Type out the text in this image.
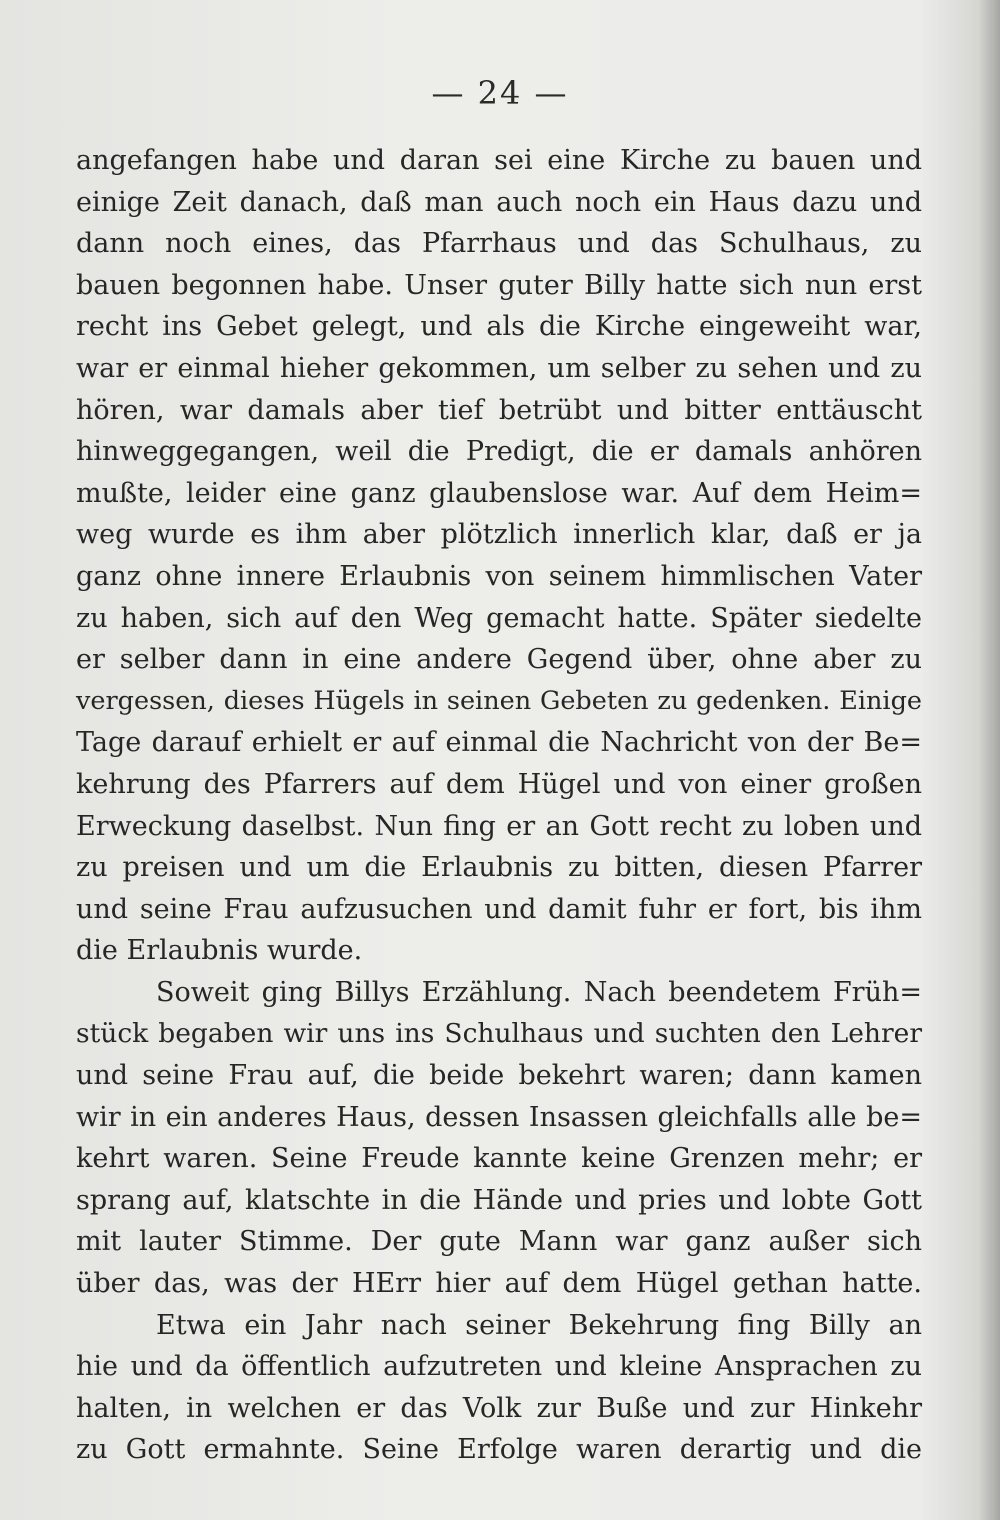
— 24 —
angefangen habe und daran sei eine Kirche zu bauen und
einige Zeit danach, daß man auch noch ein Haus dazu und
dann noch eines, das Pfarrhaus und das Schulhaus, zu
bauen begonnen habe. Unser guter Billy hatte sich nun erst
recht ins Gebet gelegt, und als die Kirche eingeweiht war,
war er einmal hieher gekommen, um selber zu sehen und zu
hören, war damals aber tief betrübt und bitter enttäuscht
hinweggegangen, weil die Predigt, die er damals anhören
mußte, leider eine ganz glaubenslose war. Auf dem Heim=
weg wurde es ihm aber plötzlich innerlich klar, daß er ja
ganz ohne innere Erlaubnis von seinem himmlischen Vater
zu haben, sich auf den Weg gemacht hatte. Später siedelte
er selber dann in eine andere Gegend über, ohne aber zu
vergessen, dieses Hügels in seinen Gebeten zu gedenken. Einige
Tage darauf erhielt er auf einmal die Nachricht von der Be=
kehrung des Pfarrers auf dem Hügel und von einer großen
Erweckung daselbst. Nun fing er an Gott recht zu loben und
zu preisen und um die Erlaubnis zu bitten, diesen Pfarrer
und seine Frau aufzusuchen und damit fuhr er fort, bis ihm
die Erlaubnis wurde.
Soweit ging Billys Erzählung. Nach beendetem Früh=
stück begaben wir uns ins Schulhaus und suchten den Lehrer
und seine Frau auf, die beide bekehrt waren; dann kamen
wir in ein anderes Haus, dessen Insassen gleichfalls alle be=
kehrt waren. Seine Freude kannte keine Grenzen mehr; er
sprang auf, klatschte in die Hände und pries und lobte Gott
mit lauter Stimme. Der gute Mann war ganz außer sich
über das, was der HErr hier auf dem Hügel gethan hatte.
Etwa ein Jahr nach seiner Bekehrung fing Billy an
hie und da öffentlich aufzutreten und kleine Ansprachen zu
halten, in welchen er das Volk zur Buße und zur Hinkehr
zu Gott ermahnte. Seine Erfolge waren derartig und die
